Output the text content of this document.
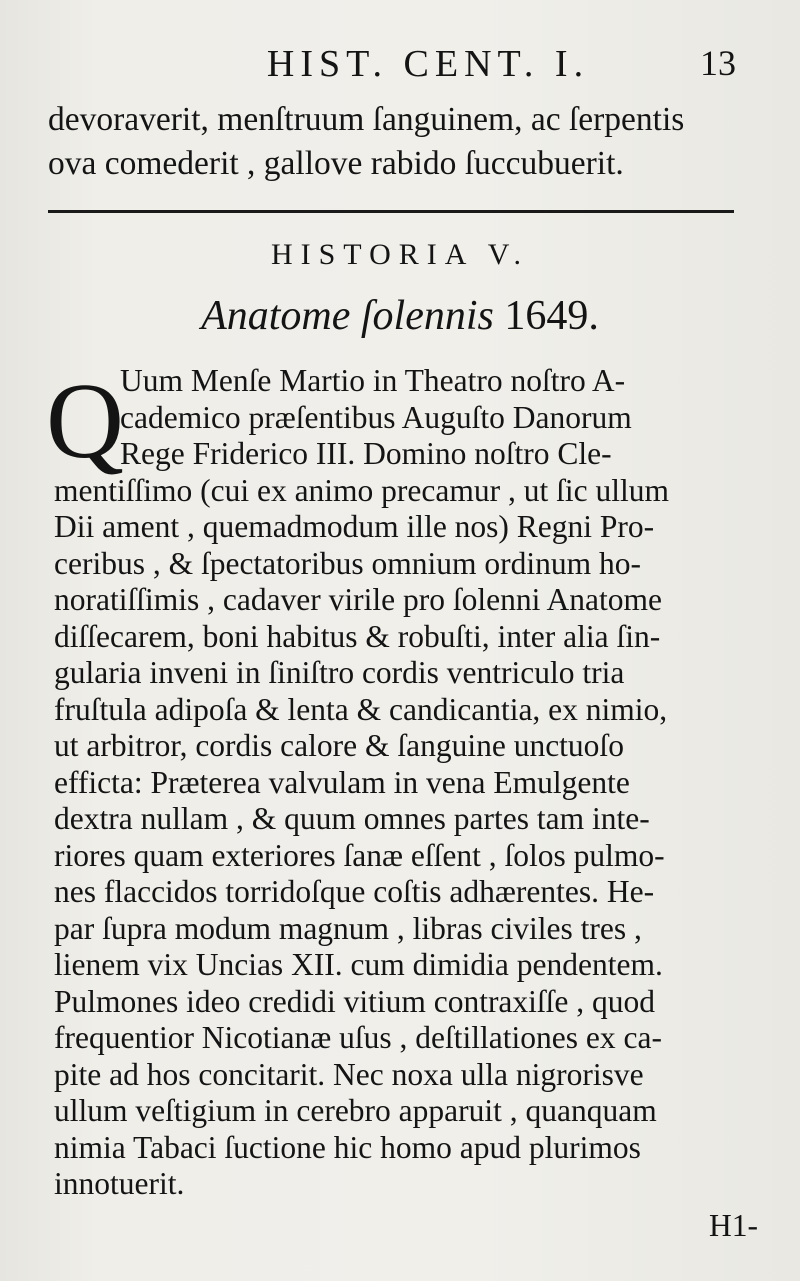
HIST. CENT. I.	13
devoraverit, menſtruum ſanguinem, ac ſerpentis
ova comederit , gallove rabido ſuccubuerit.
HISTORIA V.
Anatome ſolennis 1649.
Q
Uum Menſe Martio in Theatro noſtro A-
cademico præſentibus Auguſto Danorum
Rege Friderico III. Domino noſtro Cle-
mentiſſimo (cui ex animo precamur , ut ſic ullum
Dii ament , quemadmodum ille nos) Regni Pro-
ceribus , & ſpectatoribus omnium ordinum ho-
noratiſſimis , cadaver virile pro ſolenni Anatome
diſſecarem, boni habitus & robuſti, inter alia ſin-
gularia inveni in ſiniſtro cordis ventriculo tria
fruſtula adipoſa & lenta & candicantia, ex nimio,
ut arbitror, cordis calore & ſanguine unctuoſo
efficta: Præterea valvulam in vena Emulgente
dextra nullam , & quum omnes partes tam inte-
riores quam exteriores ſanæ eſſent , ſolos pulmo-
nes flaccidos torridoſque coſtis adhærentes. He-
par ſupra modum magnum , libras civiles tres ,
lienem vix Uncias XII. cum dimidia pendentem.
Pulmones ideo credidi vitium contraxiſſe , quod
frequentior Nicotianæ uſus , deſtillationes ex ca-
pite ad hos concitarit. Nec noxa ulla nigrorisve
ullum veſtigium in cerebro apparuit , quanquam
nimia Tabaci ſuctione hic homo apud plurimos
innotuerit.
H1-
